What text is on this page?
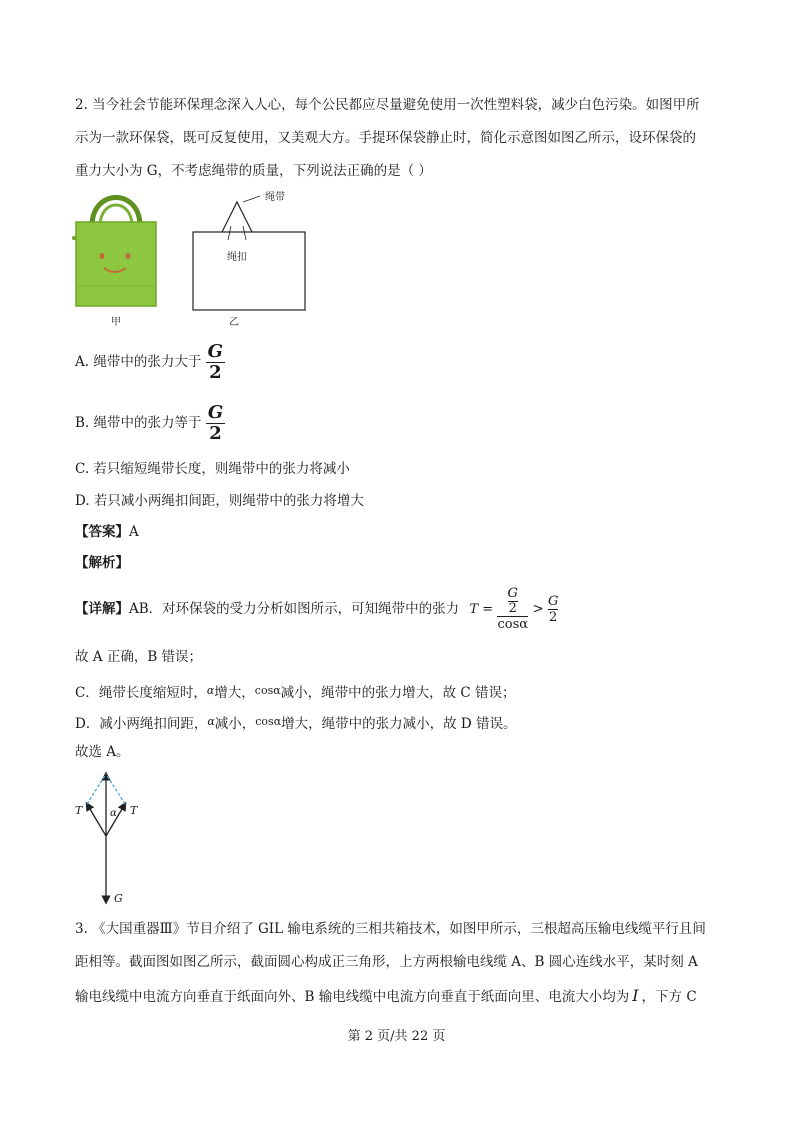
2. 当今社会节能环保理念深入人心，每个公民都应尽量避免使用一次性塑料袋，减少白色污染。如图甲所
示为一款环保袋，既可反复使用，又美观大方。手提环保袋静止时，简化示意图如图乙所示，设环保袋的
重力大小为 G，不考虑绳带的质量，下列说法正确的是（ ）
甲
绳带
绳扣
乙
A. 绳带中的张力大于 $\frac{G}{2}$
B. 绳带中的张力等于 $\frac{G}{2}$
C. 若只缩短绳带长度，则绳带中的张力将减小
D. 若只减小两绳扣间距，则绳带中的张力将增大
【答案】A
【解析】
【详解】AB．对环保袋的受力分析如图所示，可知绳带中的张力 $T = \frac{\frac{G}{2}}{\cos\alpha} > \frac{G}{2}$
故 A 正确，B 错误；
C．绳带长度缩短时，$^\alpha$增大，$^{cos\alpha}$减小，绳带中的张力增大，故 C 错误；
D．减小两绳扣间距，$^\alpha$减小，$^{cos\alpha}$增大，绳带中的张力减小，故 D 错误。
故选 A。
T	T
α
G
3. 《大国重器Ⅲ》节目介绍了 GIL 输电系统的三相共箱技术，如图甲所示，三根超高压输电线缆平行且间
距相等。截面图如图乙所示，截面圆心构成正三角形，上方两根输电线缆 A、B 圆心连线水平，某时刻 A
输电线缆中电流方向垂直于纸面向外、B 输电线缆中电流方向垂直于纸面向里、电流大小均为 I ，下方 C
第 2 页/共 22 页
